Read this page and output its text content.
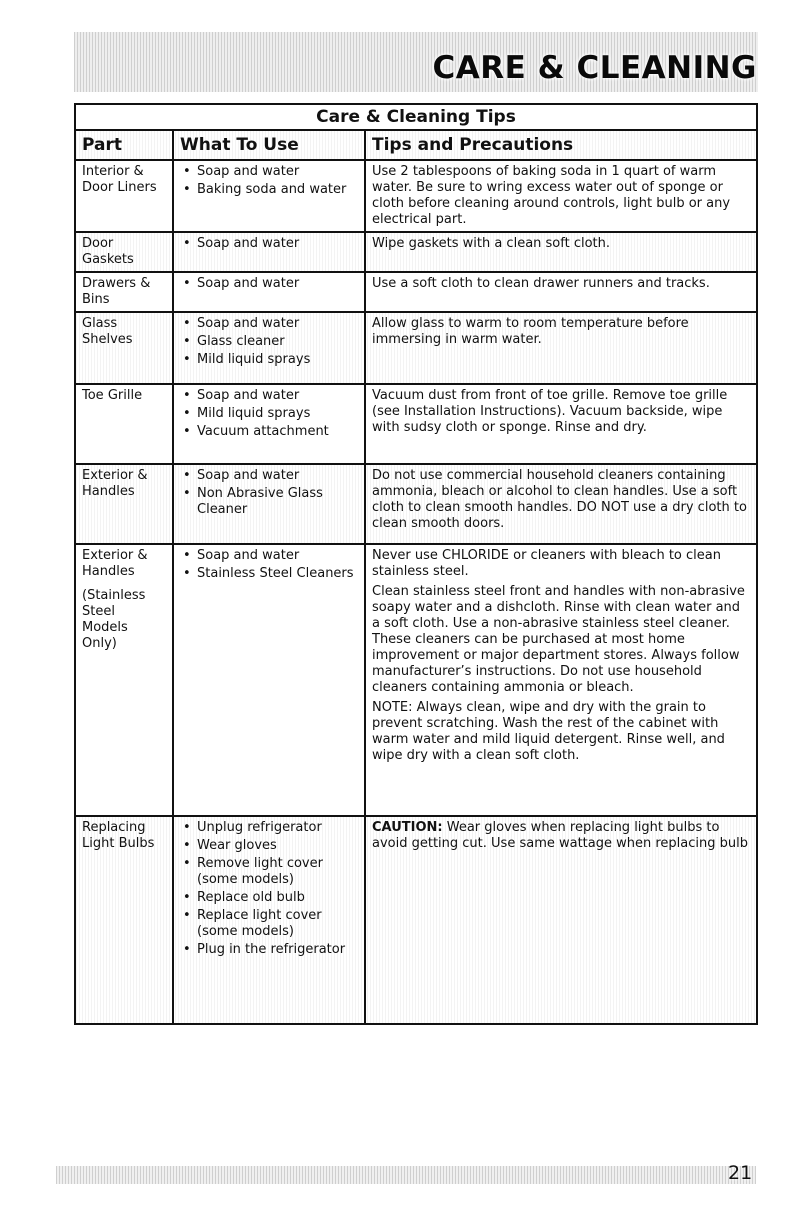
CARE & CLEANING
Care & Cleaning Tips
Part	What To Use	Tips and Precautions
Interior &
Door Liners
• Soap and water
• Baking soda and water

Use 2 tablespoons of baking soda in 1 quart of warm water. Be sure to wring excess water out of sponge or cloth before cleaning around controls, light bulb or any electrical part.

Door
Gaskets
• Soap and water	Wipe gaskets with a clean soft cloth.

Drawers &
Bins
• Soap and water	Use a soft cloth to clean drawer runners and tracks.

Glass
Shelves
• Soap and water
• Glass cleaner
• Mild liquid sprays

Allow glass to warm to room temperature before immersing in warm water.

Toe Grille
•	Soap and water
• Mild liquid sprays
• Vacuum attachment

Vacuum dust from front of toe grille. Remove toe grille (see Installation Instructions). Vacuum backside, wipe with sudsy cloth or sponge. Rinse and dry.

Exterior &
Handles
• Soap and water
• Non Abrasive Glass Cleaner

Do not use commercial household cleaners containing ammonia, bleach or alcohol to clean handles. Use a soft cloth to clean smooth handles. DO NOT use a dry cloth to clean smooth doors.

Exterior &
Handles
(Stainless
Steel
Models
Only)
• Soap and water
• Stainless Steel Cleaners

Never use CHLORIDE or cleaners with bleach to clean stainless steel.

Clean stainless steel front and handles with non-abrasive soapy water and a dishcloth. Rinse with clean water and a soft cloth. Use a non-abrasive stainless steel cleaner. These cleaners can be purchased at most home improvement or major department stores. Always follow manufacturer’s instructions. Do not use household cleaners containing ammonia or bleach.

NOTE: Always clean, wipe and dry with the grain to prevent scratching. Wash the rest of the cabinet with warm water and mild liquid detergent. Rinse well, and wipe dry with a clean soft cloth.

Replacing
Light Bulbs
• Unplug refrigerator
• Wear gloves
• Remove light cover (some models)
• Replace old bulb
• Replace light cover (some models)
• Plug in the refrigerator

CAUTION: Wear gloves when replacing light bulbs to avoid getting cut. Use same wattage when replacing bulb

21
